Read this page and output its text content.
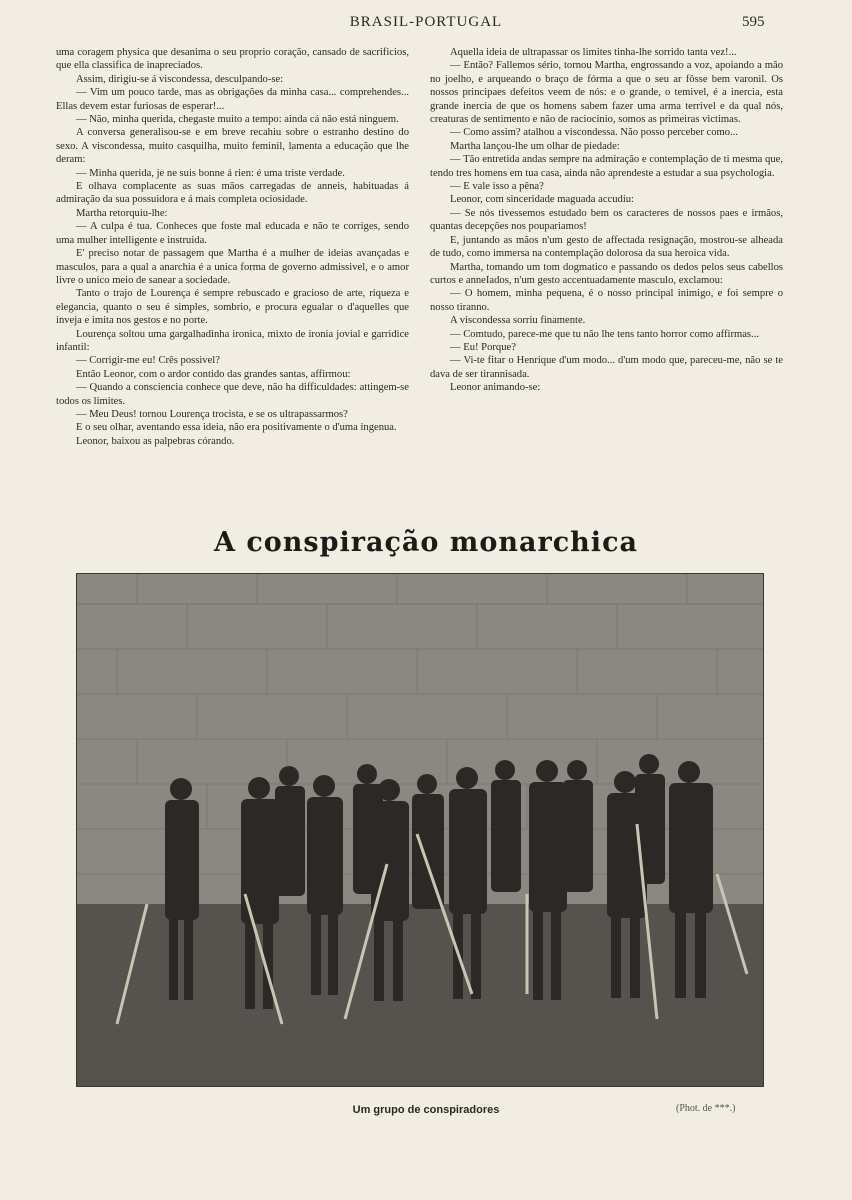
BRASIL-PORTUGAL	595

uma coragem physica que desanima o seu proprio coração, cansado de sacrificios, que ella classifica de inapreciados.

Assim, dirigiu-se á viscondessa, desculpando-se:

— Vim um pouco tarde, mas as obrigações da minha casa... comprehendes... Ellas devem estar furiosas de esperar!...

— Não, minha querida, chegaste muito a tempo: ainda cá não está ninguem.

A conversa generalisou-se e em breve recahiu sobre o estranho destino do sexo. A viscondessa, muito casquilha, muito feminil, lamenta a educação que lhe deram:

— Minha querida, je ne suis bonne á rien: é uma triste verdade.

E olhava complacente as suas mãos carregadas de anneis, habituadas á admiração da sua possuidora e á mais completa ociosidade.

Martha retorquiu-lhe:

— A culpa é tua. Conheces que foste mal educada e não te corriges, sendo uma mulher intelligente e instruida.

E' preciso notar de passagem que Martha é a mulher de ideias avançadas e masculos, para a qual a anarchia é a unica forma de governo admissivel, e o amor livre o unico meio de sanear a sociedade.

Tanto o trajo de Lourença é sempre rebuscado e gracioso de arte, riqueza e elegancia, quanto o seu é simples, sombrio, e procura egualar o d'aquelles que inveja e imita nos gestos e no porte.

Lourença soltou uma gargalhadinha ironica, mixto de ironia jovial e garridice infantil:

— Corrigir-me eu! Crês possivel?

Então Leonor, com o ardor contido das grandes santas, affirmou:

— Quando a consciencia conhece que deve, não ha difficuldades: attingem-se todos os limites.

— Meu Deus! tornou Lourença trocista, e se os ultrapassarmos?

E o seu olhar, aventando essa ideia, não era positivamente o d'uma ingenua.

Leonor, baixou as palpebras córando.

Aquella ideia de ultrapassar os limites tinha-lhe sorrido tanta vez!...

— Então? Fallemos sério, tornou Martha, engrossando a voz, apoiando a mão no joelho, e arqueando o braço de fórma a que o seu ar fôsse bem varonil. Os nossos principaes defeitos veem de nós: e o grande, o temivel, é a inercia, esta grande inercia de que os homens sabem fazer uma arma terrivel e da qual nós, creaturas de sentimento e não de raciocinio, somos as primeiras victimas.

— Como assim? atalhou a viscondessa. Não posso perceber como...

Martha lançou-lhe um olhar de piedade:

— Tão entretida andas sempre na admiração e contemplação de ti mesma que, tendo tres homens em tua casa, ainda não aprendeste a estudar a sua psychologia.

— E vale isso a pêna?

Leonor, com sinceridade maguada accudiu:

— Se nós tivessemos estudado bem os caracteres de nossos paes e irmãos, quantas decepções nos poupariamos!

E, juntando as mãos n'um gesto de affectada resignação, mostrou-se alheada de tudo, como immersa na contemplação dolorosa da sua heroica vida.

Martha, tomando um tom dogmatico e passando os dedos pelos seus cabellos curtos e anneIados, n'um gesto accentuadamente masculo, exclamou:

— O homem, minha pequena, é o nosso principal inimigo, e foi sempre o nosso tiranno.

A viscondessa sorriu finamente.

— Comtudo, parece-me que tu não lhe tens tanto horror como affirmas...

— Eu! Porque?

— Vi-te fitar o Henrique d'um modo... d'um modo que, pareceu-me, não se te dava de ser tirannisada.

Leonor animando-se:

A conspiração monarchica
Um grupo de conspiradores	(Phot. de ***.)
